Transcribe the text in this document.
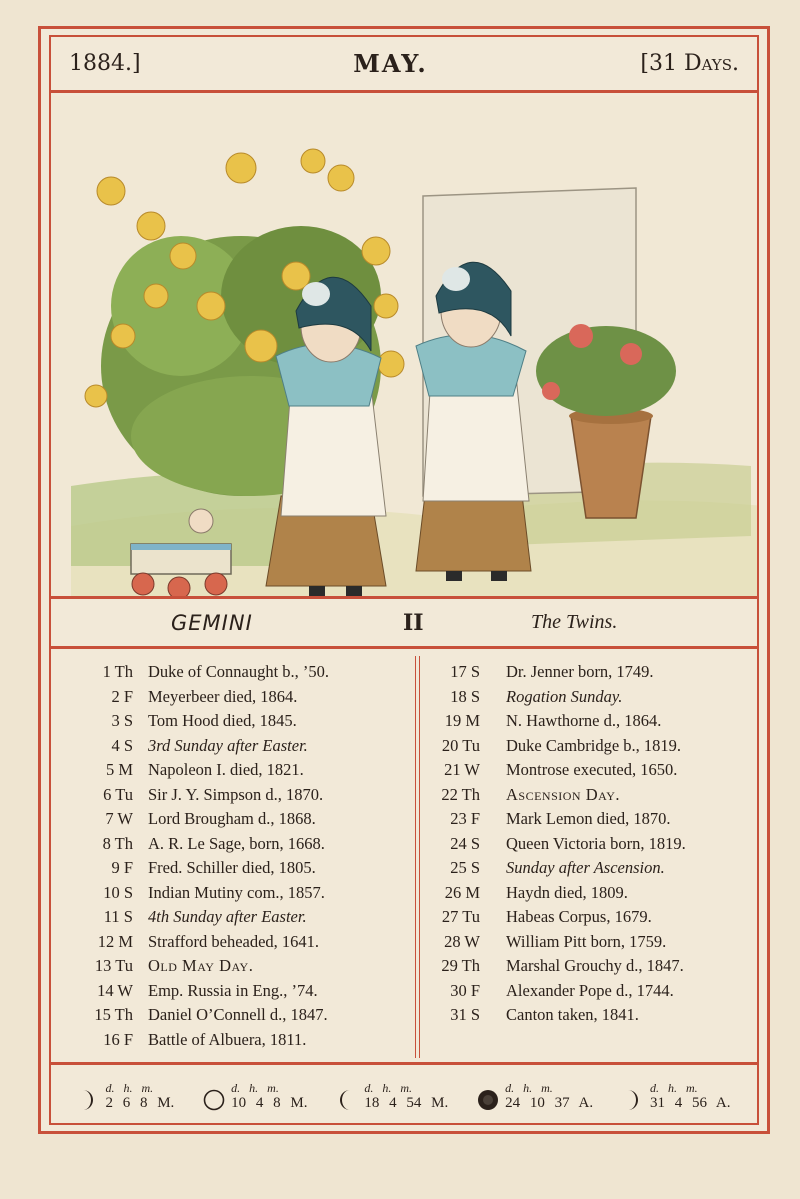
1884.]	MAY.	[31 Days.
GEMINI	II	The Twins.
1 Th Duke of Connaught b., ’50.
2 F Meyerbeer died, 1864.
3 S Tom Hood died, 1845.
4 S 3rd Sunday after Easter.
5 M Napoleon I. died, 1821.
6 Tu Sir J. Y. Simpson d., 1870.
7 W Lord Brougham d., 1868.
8 Th A. R. Le Sage, born, 1668.
9 F Fred. Schiller died, 1805.
10 S Indian Mutiny com., 1857.
11 S 4th Sunday after Easter.
12 M Strafford beheaded, 1641.
13 Tu Old May Day.
14 W Emp. Russia in Eng., ’74.
15 Th Daniel O’Connell d., 1847.
16 F Battle of Albuera, 1811.
17 S Dr. Jenner born, 1749.
18 S Rogation Sunday.
19 M N. Hawthorne d., 1864.
20 Tu Duke Cambridge b., 1819.
21 W Montrose executed, 1650.
22 Th Ascension Day.
23 F Mark Lemon died, 1870.
24 S Queen Victoria born, 1819.
25 S Sunday after Ascension.
26 M Haydn died, 1809.
27 Tu Habeas Corpus, 1679.
28 W William Pitt born, 1759.
29 Th Marshal Grouchy d., 1847.
30 F Alexander Pope d., 1744.
31 S Canton taken, 1841.
d. h. m.
2 6 8 M.
d. h. m.
10 4 8 M.
d. h. m.
18 4 54 M.
d. h. m.
24 10 37 A.
d. h. m.
31 4 56 A.
